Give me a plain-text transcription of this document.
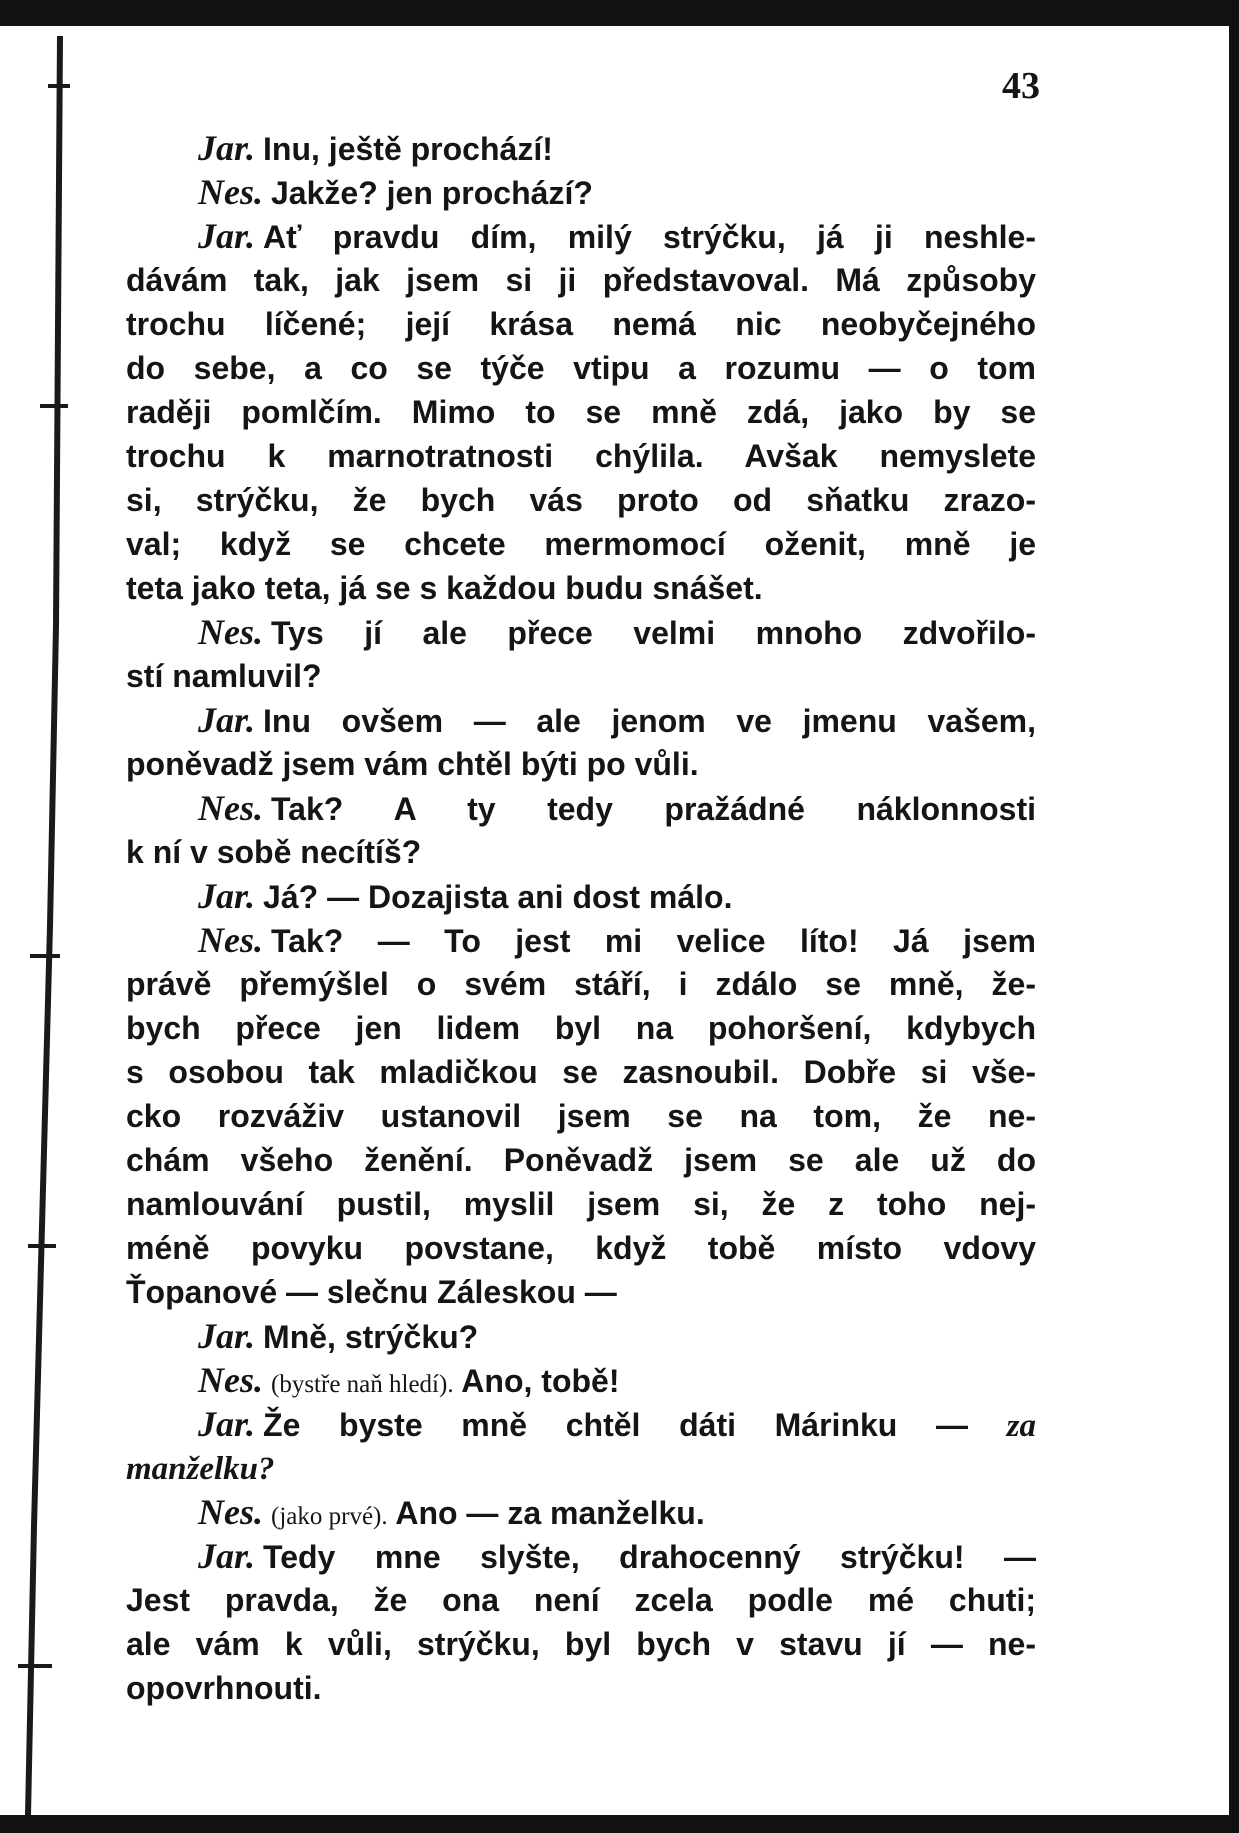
43
Jar. Inu, ještě prochází!
Nes. Jakže? jen prochází?
Jar. Ať pravdu dím, milý strýčku, já ji neshle-
dávám tak, jak jsem si ji představoval. Má způsoby
trochu líčené; její krása nemá nic neobyčejného
do sebe, a co se týče vtipu a rozumu — o tom
raději pomlčím. Mimo to se mně zdá, jako by se
trochu k marnotratnosti chýlila. Avšak nemyslete
si, strýčku, že bych vás proto od sňatku zrazo-
val; když se chcete mermomocí oženit, mně je
teta jako teta, já se s každou budu snášet.
Nes. Tys jí ale přece velmi mnoho zdvořilo-
stí namluvil?
Jar. Inu ovšem — ale jenom ve jmenu vašem,
poněvadž jsem vám chtěl býti po vůli.
Nes. Tak? A ty tedy pražádné náklonnosti
k ní v sobě necítíš?
Jar. Já? — Dozajista ani dost málo.
Nes. Tak? — To jest mi velice líto! Já jsem
právě přemýšlel o svém stáří, i zdálo se mně, že-
bych přece jen lidem byl na pohoršení, kdybych
s osobou tak mladičkou se zasnoubil. Dobře si vše-
cko rozváživ ustanovil jsem se na tom, že ne-
chám všeho ženění. Poněvadž jsem se ale už do
namlouvání pustil, myslil jsem si, že z toho nej-
méně povyku povstane, když tobě místo vdovy
Ťopanové — slečnu Záleskou —
Jar. Mně, strýčku?
Nes. (bystře naň hledí). Ano, tobě!
Jar. Že byste mně chtěl dáti Márinku — za
manželku?
Nes. (jako prvé). Ano — za manželku.
Jar. Tedy mne slyšte, drahocenný strýčku! —
Jest pravda, že ona není zcela podle mé chuti;
ale vám k vůli, strýčku, byl bych v stavu jí — ne-
opovrhnouti.
